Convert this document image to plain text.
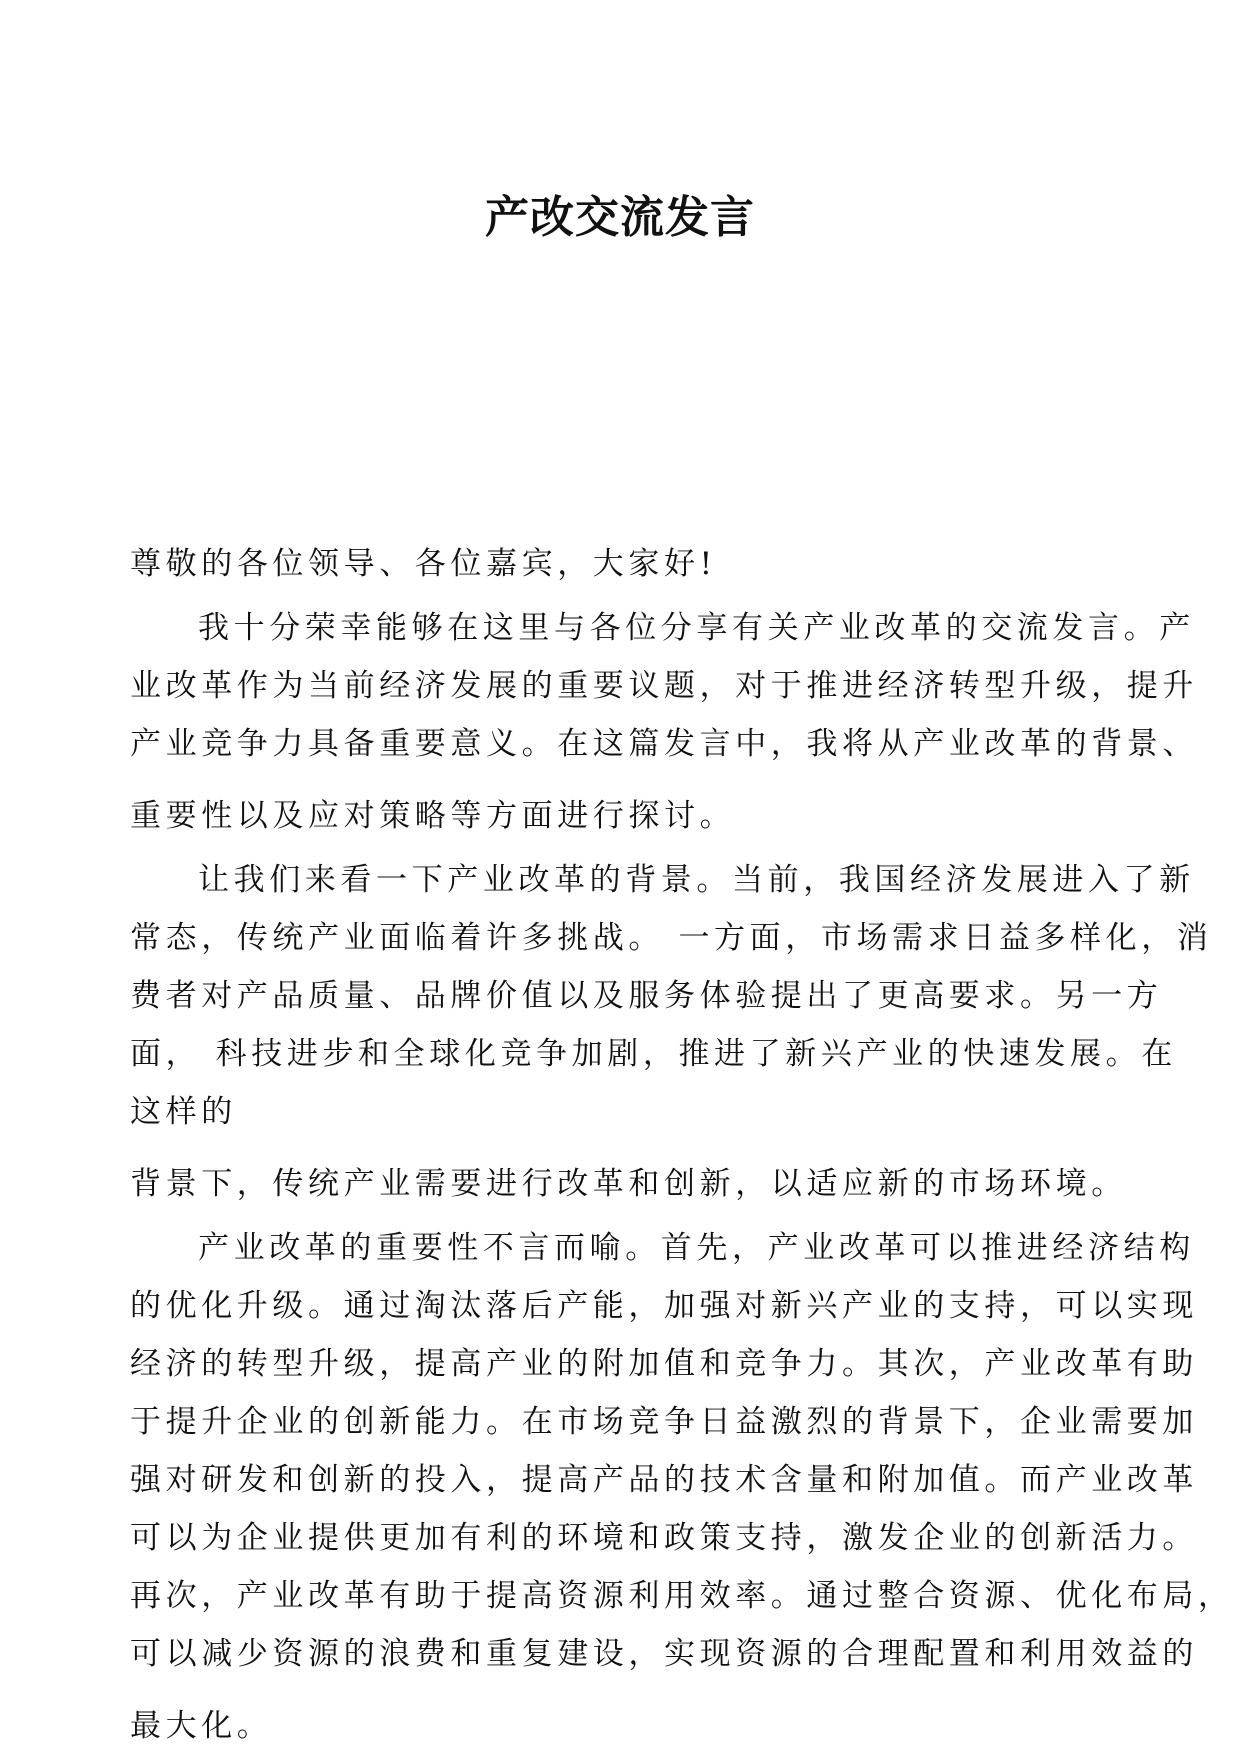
产改交流发言
尊敬的各位领导、各位嘉宾，大家好!
我十分荣幸能够在这里与各位分享有关产业改革的交流发言。产
业改革作为当前经济发展的重要议题，对于推进经济转型升级，提升
产业竞争力具备重要意义。在这篇发言中，我将从产业改革的背景、
重要性以及应对策略等方面进行探讨。
让我们来看一下产业改革的背景。当前，我国经济发展进入了新
常态，传统产业面临着许多挑战。 一方面，市场需求日益多样化，消
费者对产品质量、品牌价值以及服务体验提出了更高要求。另一方
面， 科技进步和全球化竞争加剧，推进了新兴产业的快速发展。在
这样的
背景下，传统产业需要进行改革和创新，以适应新的市场环境。
产业改革的重要性不言而喻。首先，产业改革可以推进经济结构
的优化升级。通过淘汰落后产能，加强对新兴产业的支持，可以实现
经济的转型升级，提高产业的附加值和竞争力。其次，产业改革有助
于提升企业的创新能力。在市场竞争日益激烈的背景下，企业需要加
强对研发和创新的投入，提高产品的技术含量和附加值。而产业改革
可以为企业提供更加有利的环境和政策支持，激发企业的创新活力。
再次，产业改革有助于提高资源利用效率。通过整合资源、优化布局，
可以减少资源的浪费和重复建设，实现资源的合理配置和利用效益的
最大化。
